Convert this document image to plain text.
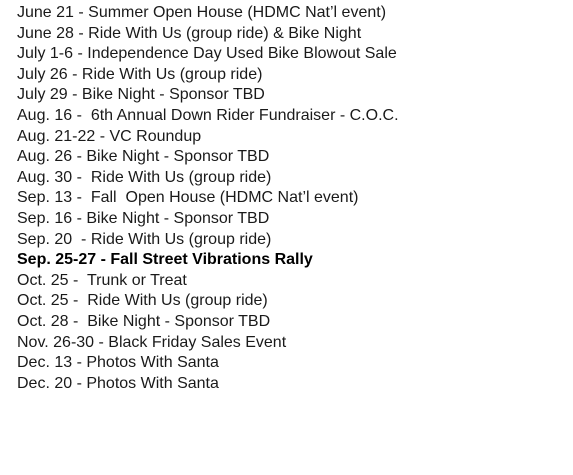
June 21 - Summer Open House (HDMC Nat’l event)
June 28 - Ride With Us (group ride) & Bike Night
July 1-6 - Independence Day Used Bike Blowout Sale
July 26 - Ride With Us (group ride)
July 29 - Bike Night - Sponsor TBD
Aug. 16 -  6th Annual Down Rider Fundraiser - C.O.C.
Aug. 21-22 - VC Roundup
Aug. 26 - Bike Night - Sponsor TBD
Aug. 30 -  Ride With Us (group ride)
Sep. 13 -  Fall  Open House (HDMC Nat’l event)
Sep. 16 - Bike Night - Sponsor TBD
Sep. 20  - Ride With Us (group ride)
Sep. 25-27 - Fall Street Vibrations Rally
Oct. 25 -  Trunk or Treat
Oct. 25 -  Ride With Us (group ride)
Oct. 28 -  Bike Night - Sponsor TBD
Nov. 26-30 - Black Friday Sales Event
Dec. 13 - Photos With Santa
Dec. 20 - Photos With Santa
